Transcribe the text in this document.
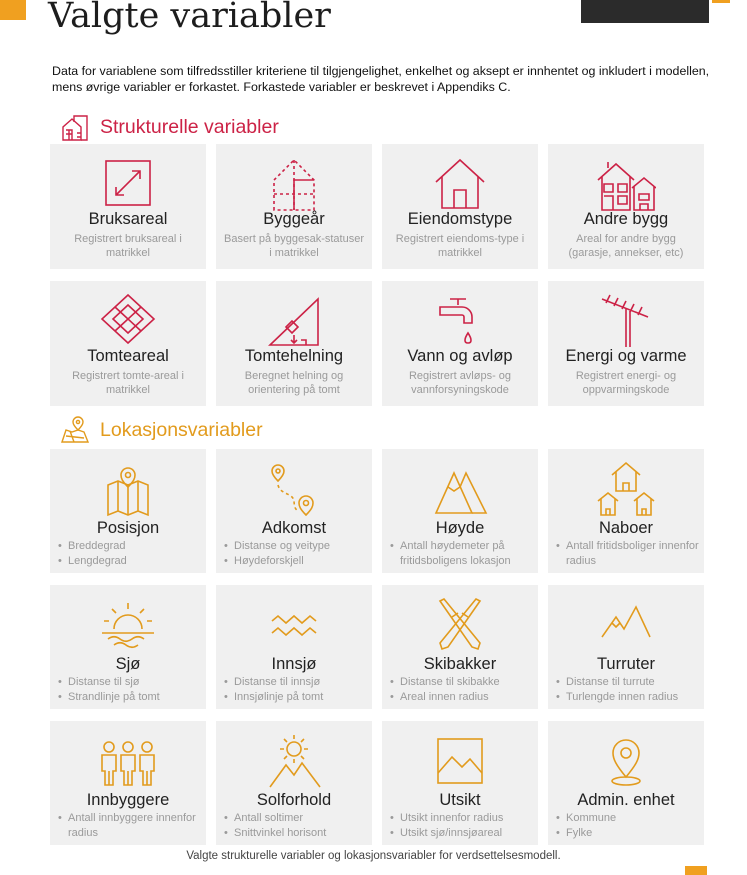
Valgte variabler

Data for variablene som tilfredsstiller kriteriene til tilgjengelighet, enkelhet og aksept er innhentet og inkludert i modellen, mens øvrige variabler er forkastet. Forkastede variabler er beskrevet i Appendiks C.

Strukturelle variabler
Bruksareal
Registrert bruksareal i matrikkel
Byggeår
Basert på byggesak-statuser i matrikkel
Eiendomstype
Registrert eiendoms-type i matrikkel
Andre bygg
Areal for andre bygg (garasje, annekser, etc)
Tomteareal
Registrert tomte-areal i matrikkel
Tomtehelning
Beregnet helning og orientering på tomt
Vann og avløp
Registrert avløps- og vannforsyningskode
Energi og varme
Registrert energi- og oppvarmingskode
Lokasjonsvariabler
Posisjon
• Breddegrad
• Lengdegrad
Adkomst
• Distanse og veitype
• Høydeforskjell
Høyde
• Antall høydemeter på fritidsboligens lokasjon
Naboer
• Antall fritidsboliger innenfor radius
Sjø
• Distanse til sjø
• Strandlinje på tomt
Innsjø
• Distanse til innsjø
• Innsjølinje på tomt
Skibakker
• Distanse til skibakke
• Areal innen radius
Turruter
• Distanse til turrute
• Turlengde innen radius
Innbyggere
• Antall innbyggere innenfor radius
Solforhold
• Antall soltimer
• Snittvinkel horisont
Utsikt
• Utsikt innenfor radius
• Utsikt sjø/innsjøareal
Admin. enhet
• Kommune
• Fylke
Valgte strukturelle variabler og lokasjonsvariabler for verdsettelsesmodell.
